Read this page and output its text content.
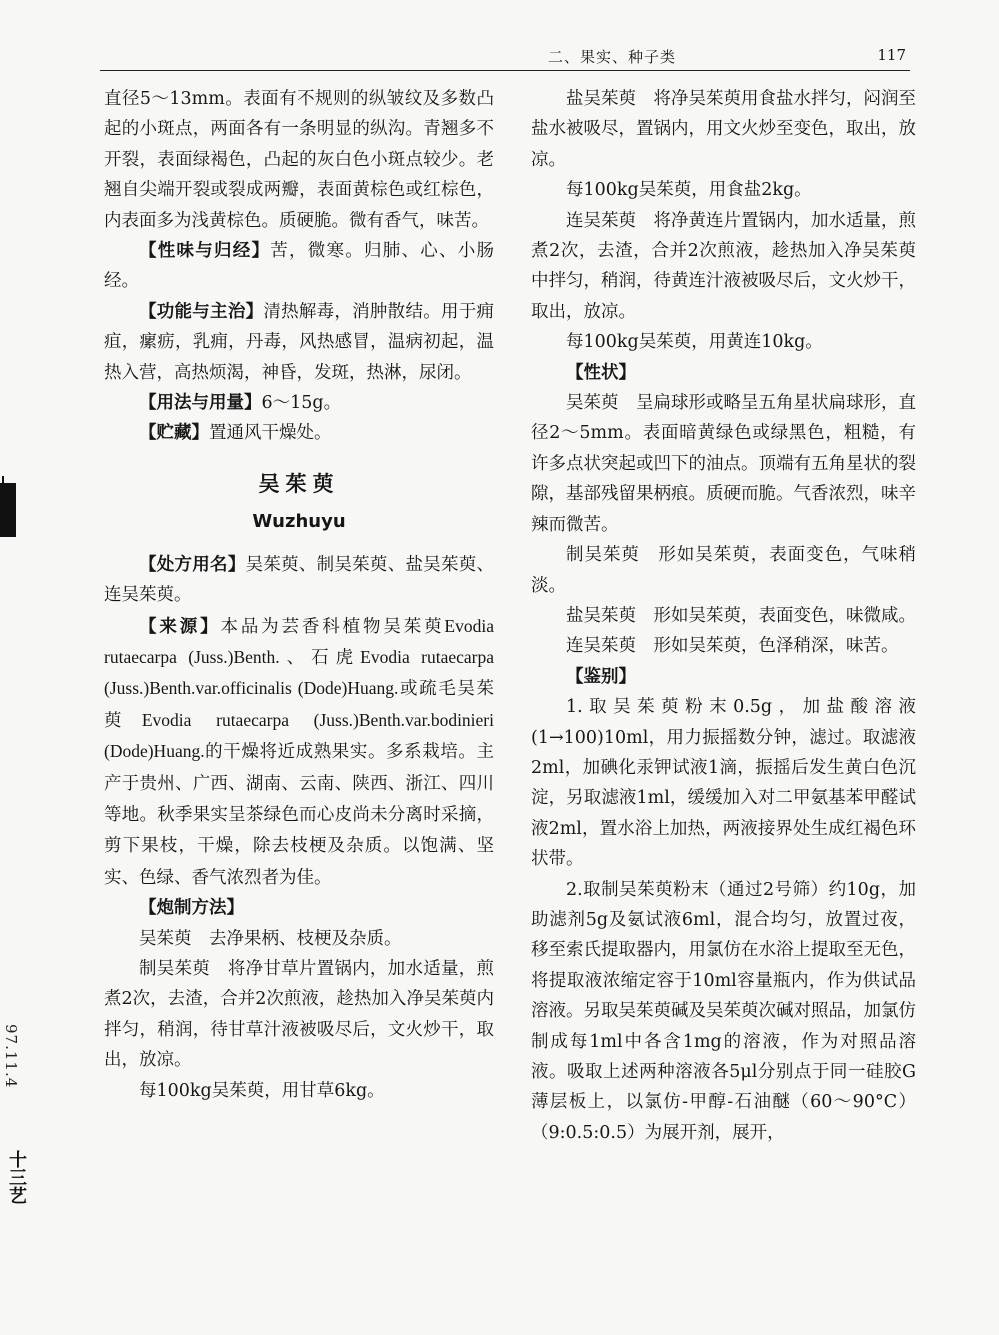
二、果实、种子类	117
97.11.4
十三艺

直径5～13mm。表面有不规则的纵皱纹及多数凸起的小斑点，两面各有一条明显的纵沟。青翘多不开裂，表面绿褐色，凸起的灰白色小斑点较少。老翘自尖端开裂或裂成两瓣，表面黄棕色或红棕色，内表面多为浅黄棕色。质硬脆。微有香气，味苦。

【性味与归经】苦，微寒。归肺、心、小肠经。

【功能与主治】清热解毒，消肿散结。用于痈疽，瘰疬，乳痈，丹毒，风热感冒，温病初起，温热入营，高热烦渴，神昏，发斑，热淋，尿闭。

【用法与用量】6～15g。

【贮藏】置通风干燥处。

吴茱萸

Wuzhuyu

【处方用名】吴茱萸、制吴茱萸、盐吴茱萸、连吴茱萸。

【来源】本品为芸香科植物吴茱萸Evodia rutaecarpa (Juss.)Benth.、石虎Evodia rutaecarpa (Juss.)Benth.var.officinalis (Dode)Huang.或疏毛吴茱萸Evodia rutaecarpa (Juss.)Benth.var.bodinieri (Dode)Huang.的干燥将近成熟果实。多系栽培。主产于贵州、广西、湖南、云南、陕西、浙江、四川等地。秋季果实呈茶绿色而心皮尚未分离时采摘，剪下果枝，干燥，除去枝梗及杂质。以饱满、坚实、色绿、香气浓烈者为佳。

【炮制方法】

吴茱萸　去净果柄、枝梗及杂质。

制吴茱萸　将净甘草片置锅内，加水适量，煎煮2次，去渣，合并2次煎液，趁热加入净吴茱萸内拌匀，稍润，待甘草汁液被吸尽后，文火炒干，取出，放凉。

每100kg吴茱萸，用甘草6kg。

盐吴茱萸　将净吴茱萸用食盐水拌匀，闷润至盐水被吸尽，置锅内，用文火炒至变色，取出，放凉。

每100kg吴茱萸，用食盐2kg。

连吴茱萸　将净黄连片置锅内，加水适量，煎煮2次，去渣，合并2次煎液，趁热加入净吴茱萸中拌匀，稍润，待黄连汁液被吸尽后，文火炒干，取出，放凉。

每100kg吴茱萸，用黄连10kg。

【性状】

吴茱萸　呈扁球形或略呈五角星状扁球形，直径2～5mm。表面暗黄绿色或绿黑色，粗糙，有许多点状突起或凹下的油点。顶端有五角星状的裂隙，基部残留果柄痕。质硬而脆。气香浓烈，味辛辣而微苦。

制吴茱萸　形如吴茱萸，表面变色，气味稍淡。

盐吴茱萸　形如吴茱萸，表面变色，味微咸。

连吴茱萸　形如吴茱萸，色泽稍深，味苦。

【鉴别】

1.取吴茱萸粉末0.5g，加盐酸溶液(1→100)10ml，用力振摇数分钟，滤过。取滤液2ml，加碘化汞钾试液1滴，振摇后发生黄白色沉淀，另取滤液1ml，缓缓加入对二甲氨基苯甲醛试液2ml，置水浴上加热，两液接界处生成红褐色环状带。

2.取制吴茱萸粉末（通过2号筛）约10g，加助滤剂5g及氨试液6ml，混合均匀，放置过夜，移至索氏提取器内，用氯仿在水浴上提取至无色，将提取液浓缩定容于10ml容量瓶内，作为供试品溶液。另取吴茱萸碱及吴茱萸次碱对照品，加氯仿制成每1ml中各含1mg的溶液，作为对照品溶液。吸取上述两种溶液各5μl分别点于同一硅胶G薄层板上，以氯仿-甲醇-石油醚（60～90°C）（9:0.5:0.5）为展开剂，展开，
